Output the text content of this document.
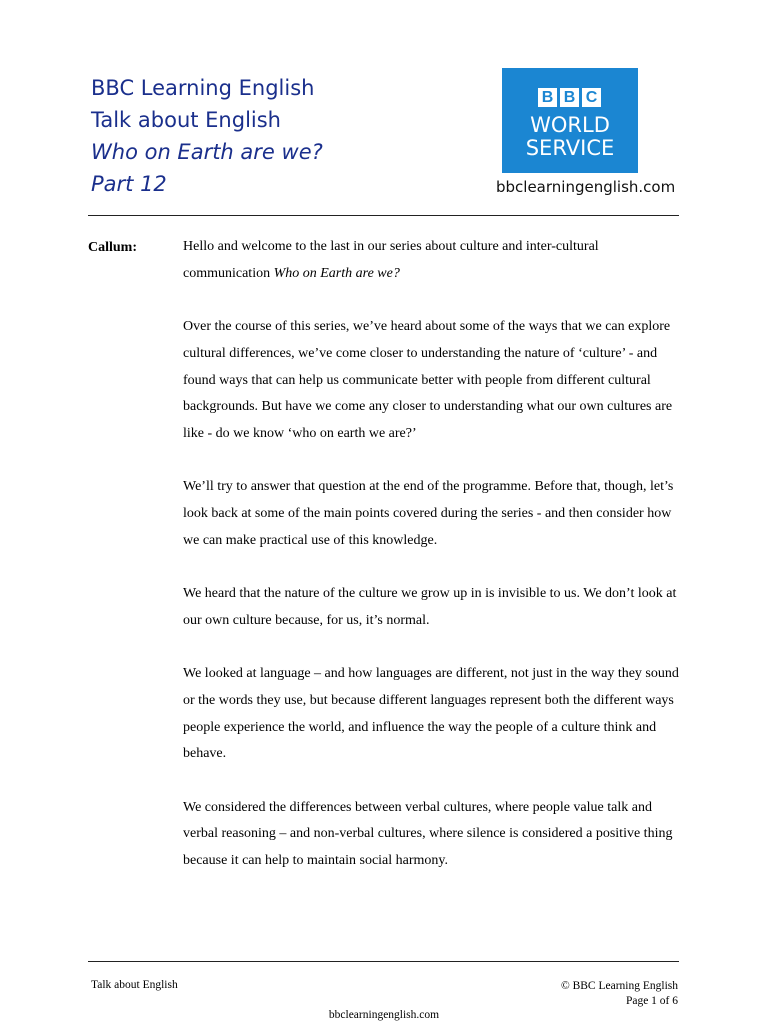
BBC Learning English
Talk about English
Who on Earth are we?
Part 12
B B C
WORLD
SERVICE
bbclearningenglish.com
Callum:	Hello and welcome to the last in our series about culture and inter-cultural communication Who on Earth are we?

Over the course of this series, we’ve heard about some of the ways that we can explore cultural differences, we’ve come closer to understanding the nature of ‘culture’ - and found ways that can help us communicate better with people from different cultural backgrounds. But have we come any closer to understanding what our own cultures are like - do we know ‘who on earth we are?’

We’ll try to answer that question at the end of the programme. Before that, though, let’s look back at some of the main points covered during the series - and then consider how we can make practical use of this knowledge.

We heard that the nature of the culture we grow up in is invisible to us. We don’t look at our own culture because, for us, it’s normal.

We looked at language – and how languages are different, not just in the way they sound or the words they use, but because different languages represent both the different ways people experience the world, and influence the way the people of a culture think and behave.

We considered the differences between verbal cultures, where people value talk and verbal reasoning – and non-verbal cultures, where silence is considered a positive thing because it can help to maintain social harmony.

Talk about English	© BBC Learning English
Page 1 of 6
bbclearningenglish.com
